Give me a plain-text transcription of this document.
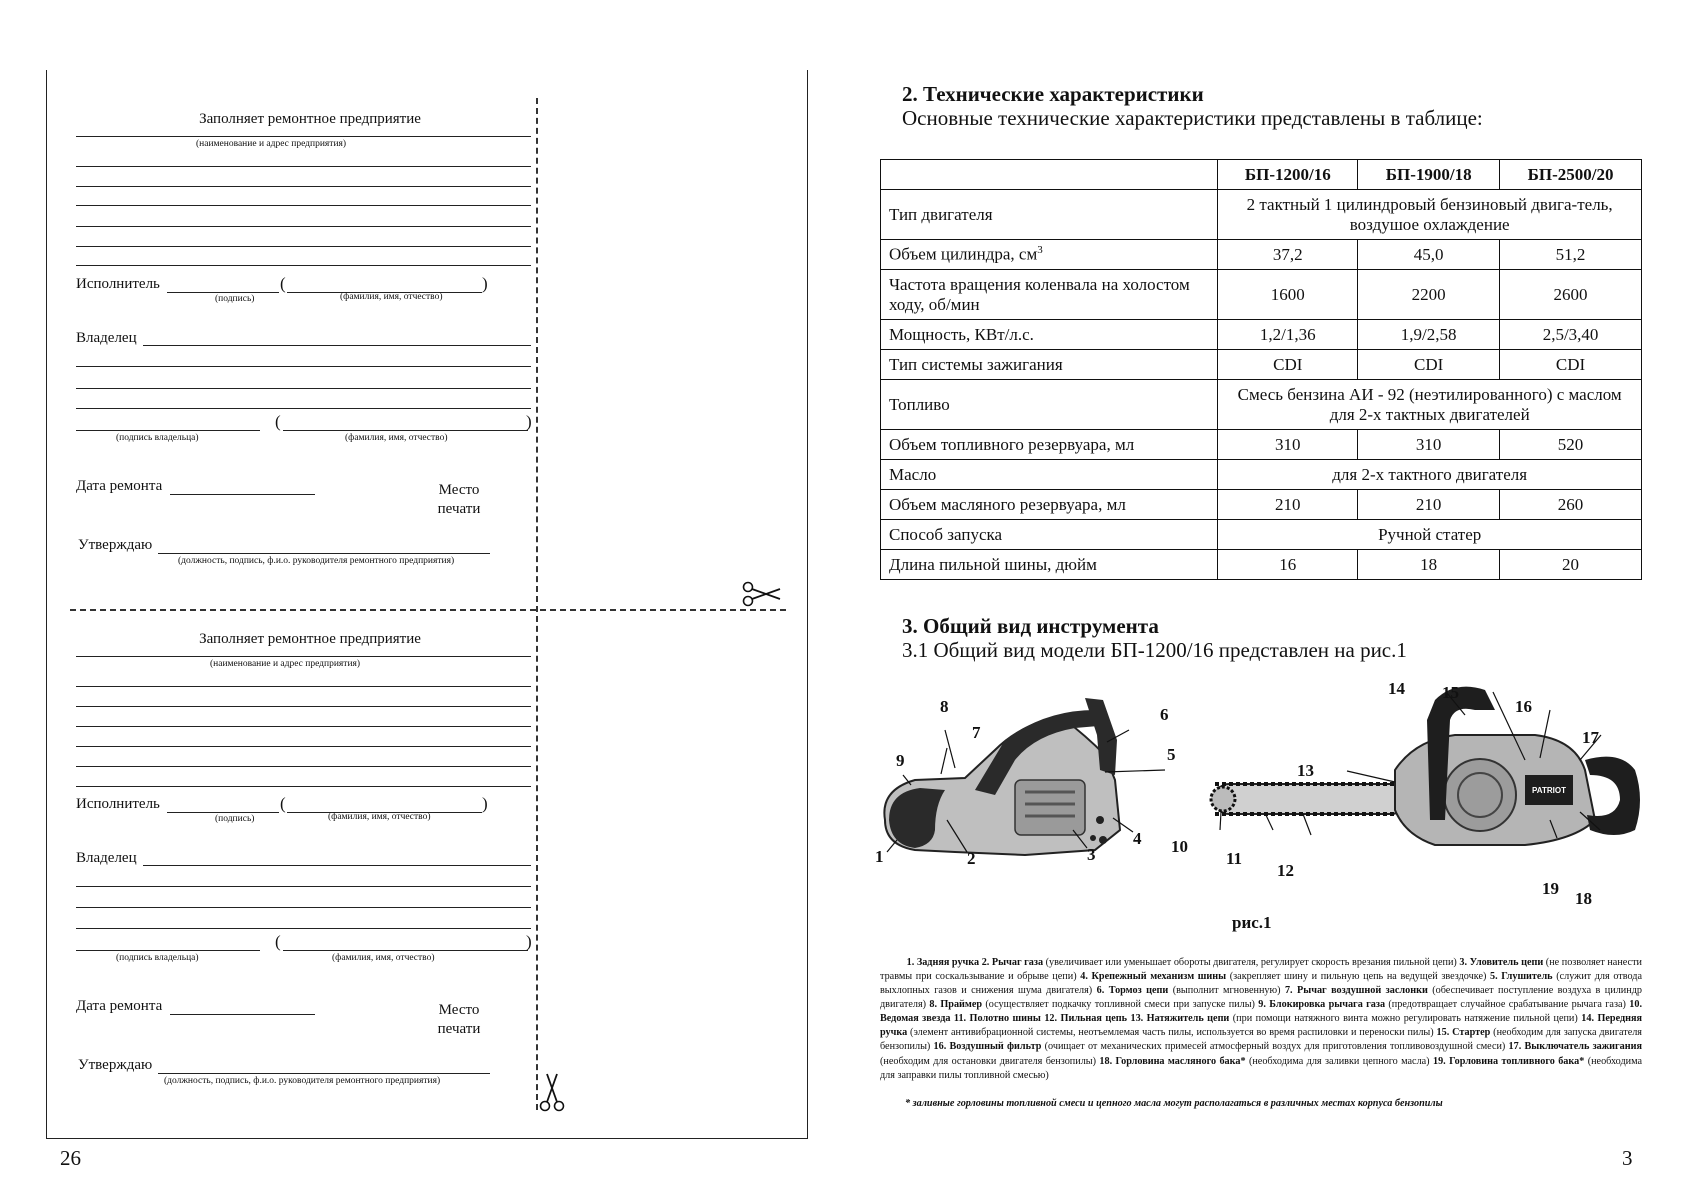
Заполняет ремонтное предприятие
(наименование и адрес предприятия)
Исполнитель	(	)
(подпись)	(фамилия, имя, отчество)
Владелец
(	)
(подпись владельца)	(фамилия, имя, отчество)
Дата ремонта	Место
печати
Утверждаю
(должность, подпись, ф.и.о. руководителя ремонтного предприятия)
Заполняет ремонтное предприятие
(наименование и адрес предприятия)
Исполнитель	(	)
(подпись)	(фамилия, имя, отчество)
Владелец
(	)
(подпись владельца)	(фамилия, имя, отчество)
Дата ремонта	Место
печати
Утверждаю
(должность, подпись, ф.и.о. руководителя ремонтного предприятия)
26
2. Технические характеристики
Основные технические характеристики представлены в таблице:
	БП-1200/16	БП-1900/18	БП-2500/20
Тип двигателя	2 тактный 1 цилиндровый бензиновый двига-тель, воздушое охлаждение		
Объем цилиндра, $см^3$	37,2	45,0	51,2
Частота вращения коленвала на холостом ходу, об/мин	1600	2200	2600
Мощность, КВт/л.с.	1,2/1,36	1,9/2,58	2,5/3,40
Тип системы зажигания	CDI	CDI	CDI
Топливо	Смесь бензина АИ - 92 (неэтилированного) с маслом для 2-х тактных двигателей		
Объем топливного резервуара, мл	310	310	520
Масло	для 2-х тактного двигателя		
Объем масляного резервуара, мл	210	210	260
Способ запуска	Ручной статер		
Длина пильной шины, дюйм	16	18	20
3. Общий вид инструмента
3.1 Общий вид модели БП-1200/16 представлен на рис.1
PATRIOT
1	2	3
4
5
6
7
8
9
10
11
12
13
14 15
16
17
18
19
рис.1
1. Задняя ручка 2. Рычаг газа (увеличивает или уменьшает обороты двигателя, регулирует скорость врезания пильной цепи) 3. Уловитель цепи (не позволяет нанести травмы при соскальзывание и обрыве цепи) 4. Крепежный механизм шины (закрепляет шину и пильную цепь на ведущей звездочке) 5. Глушитель (служит для отвода выхлопных газов и снижения шума двигателя) 6. Тормоз цепи (выполнит мгновенную) 7. Рычаг воздушной заслонки (обеспечивает поступление воздуха в цилиндр двигателя) 8. Праймер (осуществляет подкачку топливной смеси при запуске пилы) 9. Блокировка рычага газа (предотвращает случайное срабатывание рычага газа) 10. Ведомая звезда 11. Полотно шины 12. Пильная цепь 13. Натяжитель цепи (при помощи натяжного винта можно регулировать натяжение пильной цепи) 14. Передняя ручка (элемент антивибрационной системы, неотъемлемая часть пилы, используется во время распиловки и переноски пилы) 15. Стартер (необходим для запуска двигателя бензопилы) 16. Воздушный фильтр (очищает от механических примесей атмосферный воздух для приготовления топливовоздушной смеси) 17. Выключатель зажигания (необходим для остановки двигателя бензопилы) 18. Горловина масляного бака* (необходима для заливки цепного масла) 19. Горловина топливного бака* (необходима для заправки пилы топливной смесью)
* заливные горловины топливной смеси и цепного масла могут располагаться в различных местах корпуса бензопилы
3
